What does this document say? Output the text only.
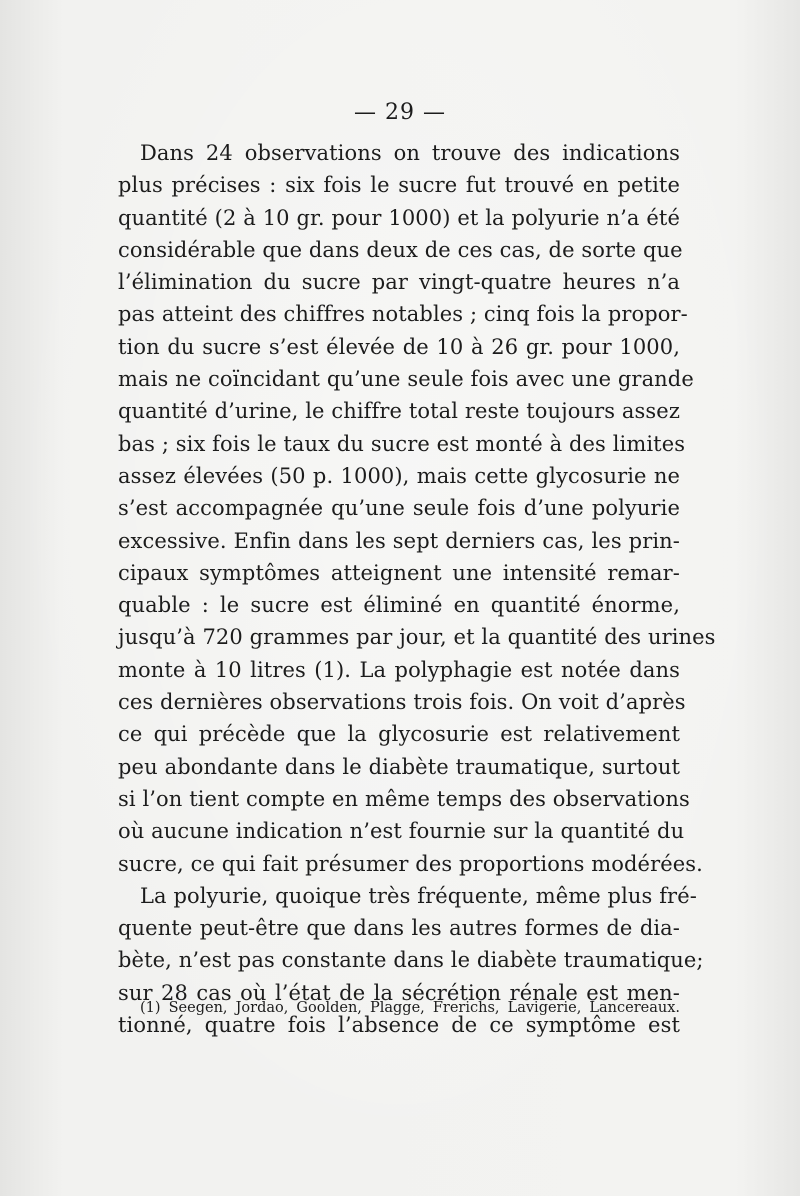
— 29 —
Dans 24 observations on trouve des indications
plus précises : six fois le sucre fut trouvé en petite
quantité (2 à 10 gr. pour 1000) et la polyurie n’a été
considérable que dans deux de ces cas, de sorte que
l’élimination du sucre par vingt-quatre heures n’a
pas atteint des chiffres notables ; cinq fois la propor-
tion du sucre s’est élevée de 10 à 26 gr. pour 1000,
mais ne coïncidant qu’une seule fois avec une grande
quantité d’urine, le chiffre total reste toujours assez
bas ; six fois le taux du sucre est monté à des limites
assez élevées (50 p. 1000), mais cette glycosurie ne
s’est accompagnée qu’une seule fois d’une polyurie
excessive. Enfin dans les sept derniers cas, les prin-
cipaux symptômes atteignent une intensité remar-
quable : le sucre est éliminé en quantité énorme,
jusqu’à 720 grammes par jour, et la quantité des urines
monte à 10 litres (1). La polyphagie est notée dans
ces dernières observations trois fois. On voit d’après
ce qui précède que la glycosurie est relativement
peu abondante dans le diabète traumatique, surtout
si l’on tient compte en même temps des observations
où aucune indication n’est fournie sur la quantité du
sucre, ce qui fait présumer des proportions modérées.
La polyurie, quoique très fréquente, même plus fré-
quente peut-être que dans les autres formes de dia-
bète, n’est pas constante dans le diabète traumatique;
sur 28 cas où l’état de la sécrétion rénale est men-
tionné, quatre fois l’absence de ce symptôme est
(1) Seegen, Jordao, Goolden, Plagge, Frerichs, Lavigerie, Lancereaux.
